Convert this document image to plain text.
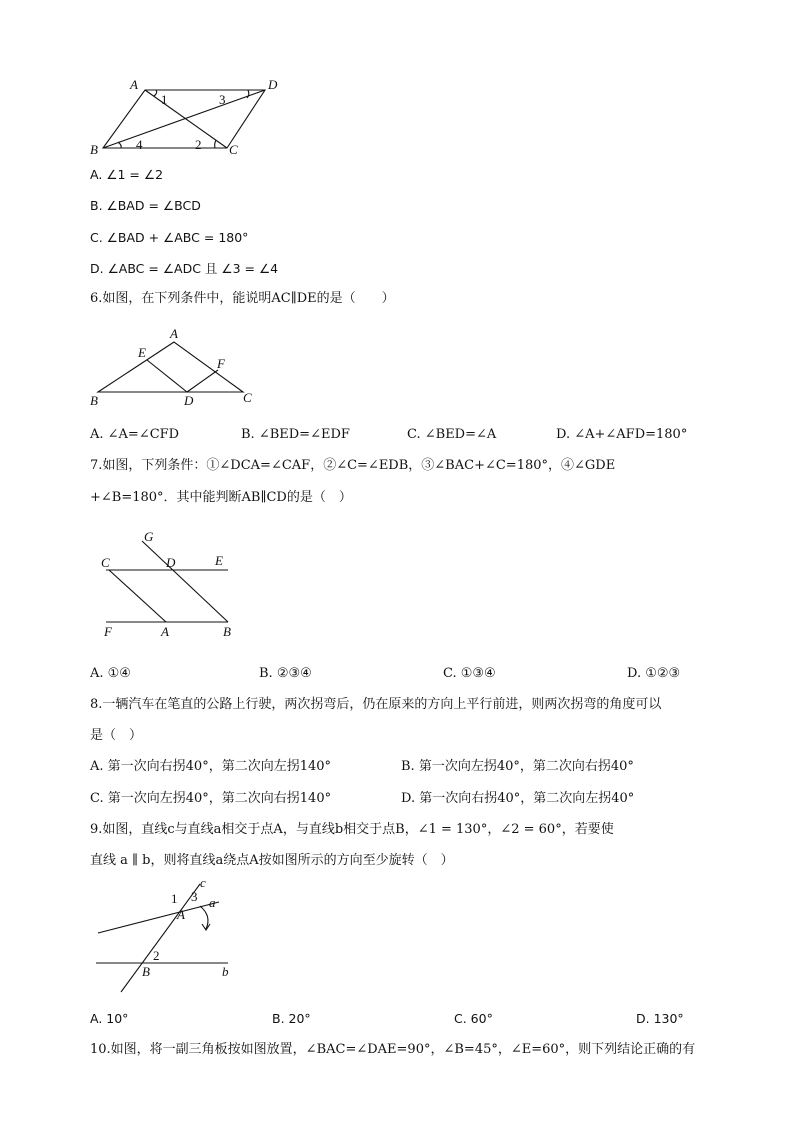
A	D
B	C
1	3
4	2
A. ∠1 = ∠2
B. ∠BAD = ∠BCD
C. ∠BAD + ∠ABC = 180°
D. ∠ABC = ∠ADC 且 ∠3 = ∠4
6.如图，在下列条件中，能说明AC∥DE的是（　　）
A
E
F
B	D	C
A. ∠A=∠CFD	B. ∠BED=∠EDF	C. ∠BED=∠A	D. ∠A+∠AFD=180°
7.如图，下列条件：①∠DCA=∠CAF，②∠C=∠EDB，③∠BAC+∠C=180°，④∠GDE
+∠B=180°．其中能判断AB∥CD的是（　）
G
C	D	E
F	A	B
A. ①④	B. ②③④	C. ①③④	D. ①②③
8.一辆汽车在笔直的公路上行驶，两次拐弯后，仍在原来的方向上平行前进，则两次拐弯的角度可以
是（　）
A. 第一次向右拐40°，第二次向左拐140°	B. 第一次向左拐40°，第二次向右拐40°
C. 第一次向左拐40°，第二次向右拐140°	D. 第一次向右拐40°，第二次向左拐40°
9.如图，直线c与直线a相交于点A，与直线b相交于点B，∠1 = 130°，∠2 = 60°，若要使
直线 a ∥ b，则将直线a绕点A按如图所示的方向至少旋转（　）
c
1 3 a
A
2
B	b
A. 10°	B. 20°	C. 60°	D. 130°
10.如图，将一副三角板按如图放置，∠BAC=∠DAE=90°，∠B=45°，∠E=60°，则下列结论正确的有
